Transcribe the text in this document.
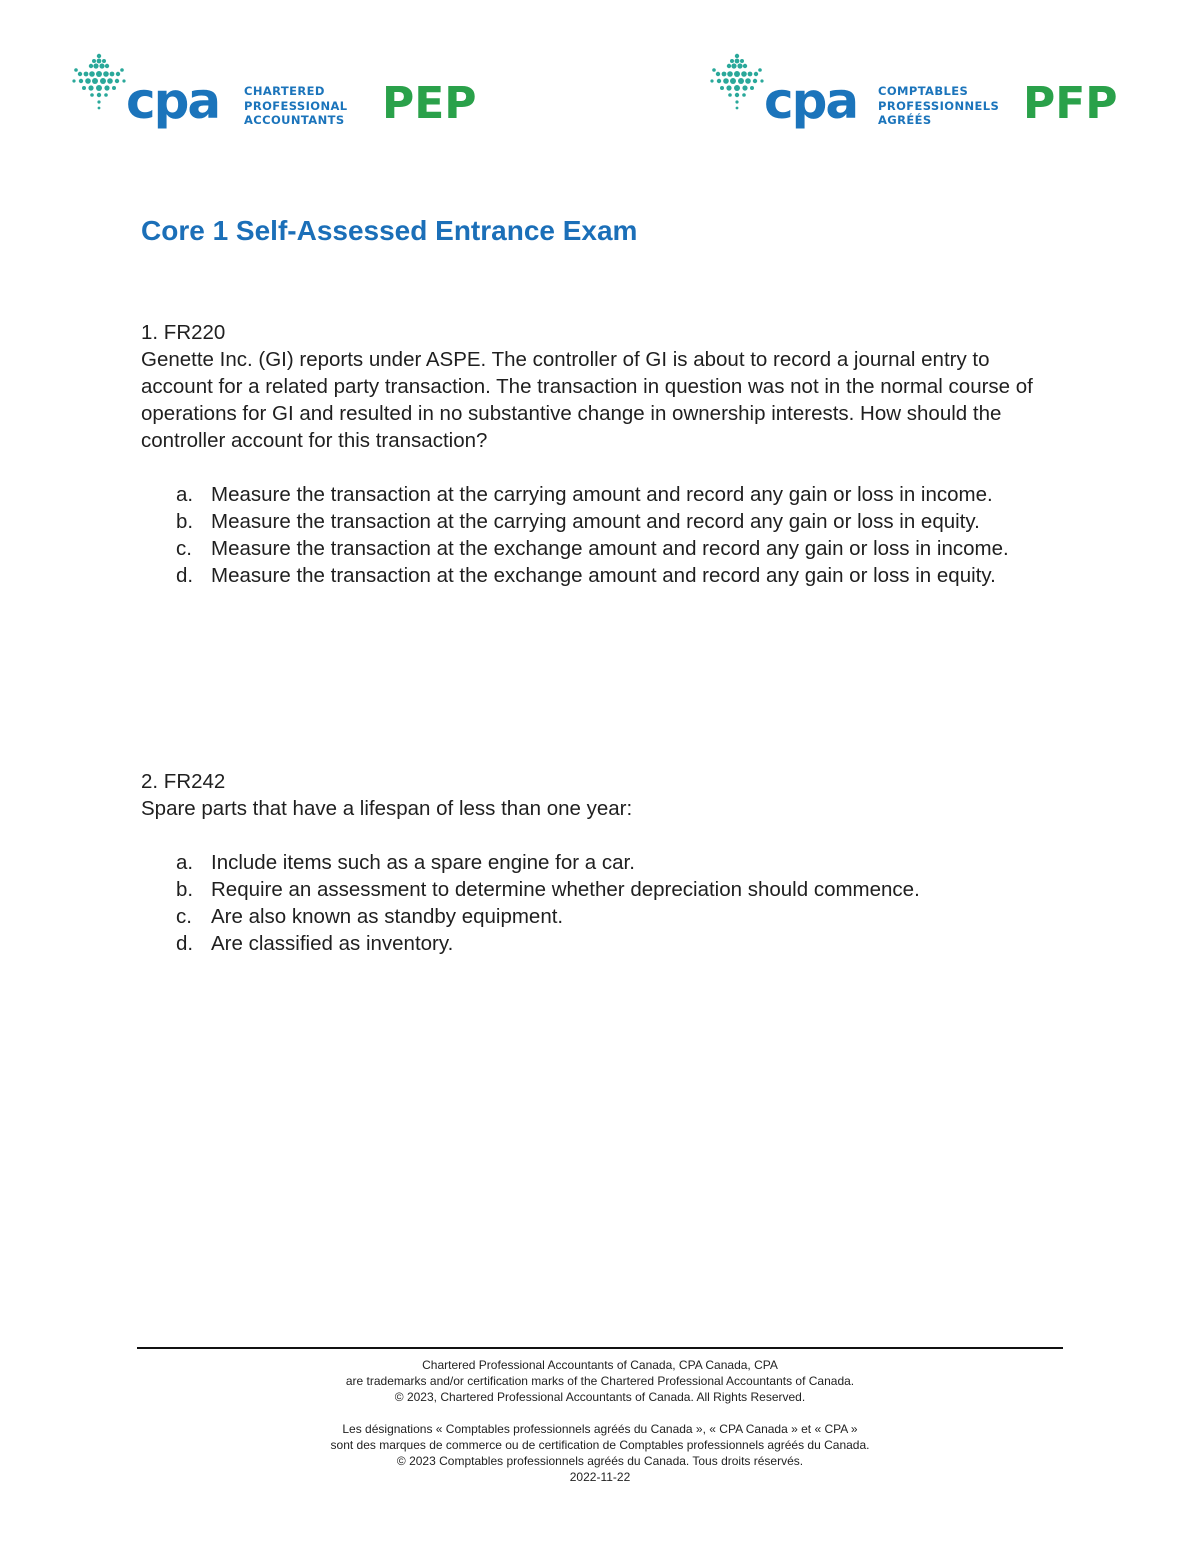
cpa CHARTERED
PROFESSIONAL
ACCOUNTANTS PEP	cpa COMPTABLES
PROFESSIONNELS
AGRÉÉS	PFP
Core 1 Self-Assessed Entrance Exam

1. FR220

Genette Inc. (GI) reports under ASPE. The controller of GI is about to record a journal entry to account for a related party transaction. The transaction in question was not in the normal course of operations for GI and resulted in no substantive change in ownership interests. How should the controller account for this transaction?

a. Measure the transaction at the carrying amount and record any gain or loss in income.
b. Measure the transaction at the carrying amount and record any gain or loss in equity.
c. Measure the transaction at the exchange amount and record any gain or loss in income.
d. Measure the transaction at the exchange amount and record any gain or loss in equity.

2. FR242

Spare parts that have a lifespan of less than one year:

a. Include items such as a spare engine for a car.
b. Require an assessment to determine whether depreciation should commence.
c. Are also known as standby equipment.
d. Are classified as inventory.

Chartered Professional Accountants of Canada, CPA Canada, CPA

are trademarks and/or certification marks of the Chartered Professional Accountants of Canada.

© 2023, Chartered Professional Accountants of Canada. All Rights Reserved.

Les désignations « Comptables professionnels agréés du Canada », « CPA Canada » et « CPA »

sont des marques de commerce ou de certification de Comptables professionnels agréés du Canada.

© 2023 Comptables professionnels agréés du Canada. Tous droits réservés.

2022-11-22
